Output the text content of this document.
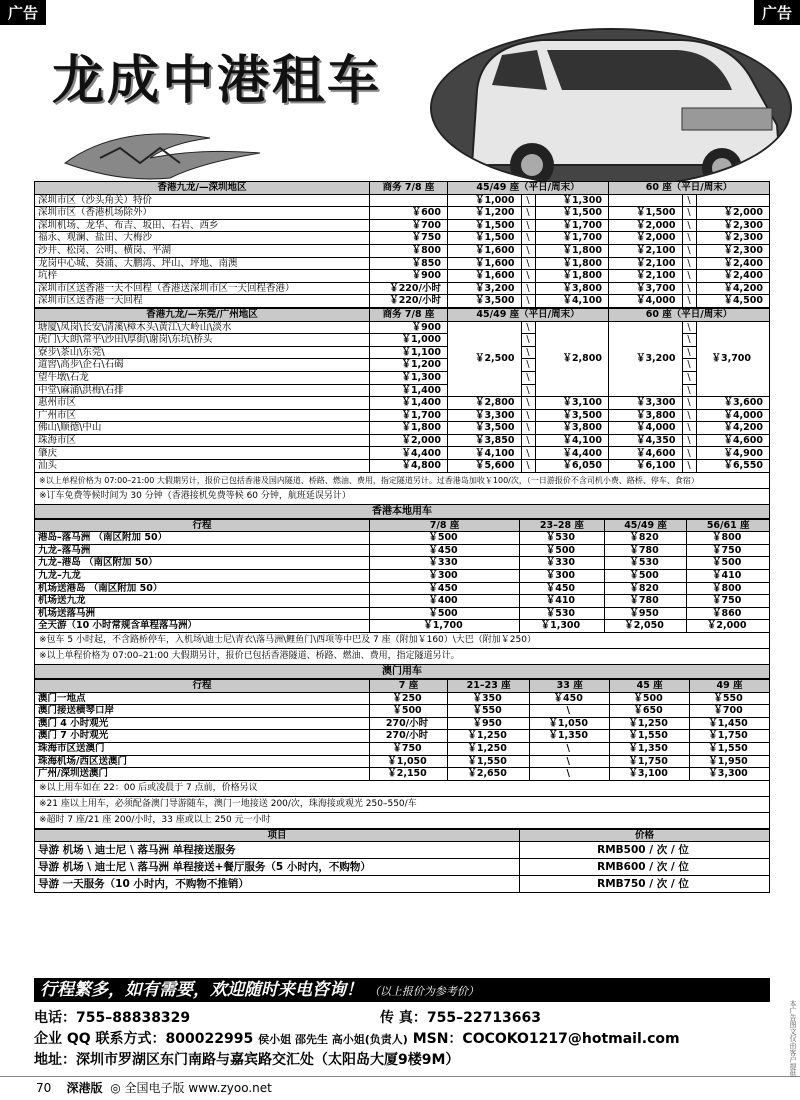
广告	广告
龙成中港租车
香港九龙/—深圳地区	商务 7/8 座	45/49 座（平日/周末）			60 座（平日/周末）		
深圳市区（沙头角关）特价		￥1,000	\	￥1,300		\	
深圳市区（香港机场除外）	￥600	￥1,200	\	￥1,500	￥1,500	\	￥2,000
深圳机场、龙华、布吉、坂田、石岩、西乡	￥700	￥1,500	\	￥1,700	￥2,000	\	￥2,300
福永、观澜、盐田、大梅沙	￥750	￥1,500	\	￥1,700	￥2,000	\	￥2,300
沙井、松岗、公明、横岗、平湖	￥800	￥1,600	\	￥1,800	￥2,100	\	￥2,300
龙岗中心城、葵涌、大鹏湾、坪山、坪地、南澳	￥850	￥1,600	\	￥1,800	￥2,100	\	￥2,400
坑梓	￥900	￥1,600	\	￥1,800	￥2,100	\	￥2,400
深圳市区送香港一天不回程（香港送深圳市区一天回程香港）	￥220/小时	￥3,200	\	￥3,800	￥3,700	\	￥4,200
深圳市区送香港一天回程	￥220/小时	￥3,500	\	￥4,100	￥4,000	\	￥4,500
香港九龙/—东莞/广州地区	商务 7/8 座	45/49 座（平日/周末）			60 座（平日/周末）		
塘厦\凤岗\长安\清溪\樟木头\黄江\大岭山\淡水	￥900	￥2,500	\	￥2,800	￥3,200	\	￥3,700
虎门\大朗\常平\沙田\厚街\谢岗\东坑\桥头	￥1,000		\			\	
寮步\茶山\东莞\	￥1,100		\			\	
道窖\高步\企石\石碣	￥1,200		\			\	
望牛墩\石龙	￥1,300		\			\	
中堂\麻涌\洪梅\石排	￥1,400		\			\	
惠州市区	￥1,400	￥2,800	\	￥3,100	￥3,300	\	￥3,600
广州市区	￥1,700	￥3,300	\	￥3,500	￥3,800	\	￥4,000
佛山\顺德\中山	￥1,800	￥3,500	\	￥3,800	￥4,000	\	￥4,200
珠海市区	￥2,000	￥3,850	\	￥4,100	￥4,350	\	￥4,600
肇庆	￥4,400	￥4,100	\	￥4,400	￥4,600	\	￥4,900
汕头	￥4,800	￥5,600	\	￥6,050	￥6,100	\	￥6,550
※以上单程价格为 07:00–21:00 大假期另计，报价已包括香港及国内隧道、桥路、燃油、费用，指定隧道另计。过香港岛加收￥100/次，（一日游报价不含司机小费、路桥、停车、食宿）
※订车免费等候时间为 30 分钟（香港接机免费等候 60 分钟，航班延误另计）
香港本地用车
行程	7/8 座	23–28 座	45/49 座	56/61 座
港岛–落马洲 （南区附加 50）	￥500	￥530	￥820	￥800
九龙–落马洲	￥450	￥500	￥780	￥750
九龙–港岛 （南区附加 50）	￥330	￥330	￥530	￥500
九龙–九龙	￥300	￥300	￥500	￥410
机场送港岛 （南区附加 50）	￥450	￥450	￥820	￥800
机场送九龙	￥400	￥410	￥780	￥750
机场送落马洲	￥500	￥530	￥950	￥860
全天游（10 小时常规含单程落马洲）	￥1,700	￥1,300	￥2,050	￥2,000
※包车 5 小时起，不含路桥停车，入机场\迪士尼\青衣\落马洲\鲤鱼门\西项等中巴及 7 座（附加￥160）\大巴（附加￥250）
※以上单程价格为 07:00–21:00 大假期另计，报价已包括香港隧道、桥路、燃油、费用，指定隧道另计。
澳门用车
行程	7 座	21–23 座	33 座	45 座	49 座
澳门一地点	￥250	￥350	￥450	￥500	￥550
澳门接送横琴口岸	￥500	￥550	\	￥650	￥700
澳门 4 小时观光	270/小时	￥950	￥1,050	￥1,250	￥1,450
澳门 7 小时观光	270/小时	￥1,250	￥1,350	￥1,550	￥1,750
珠海市区送澳门	￥750	￥1,250	\	￥1,350	￥1,550
珠海机场/西区送澳门	￥1,050	￥1,550	\	￥1,750	￥1,950
广州/深圳送澳门	￥2,150	￥2,650	\	￥3,100	￥3,300
※以上用车如在 22：00 后或凌晨于 7 点前，价格另议
※21 座以上用车，必须配备澳门导游随车，澳门一地接送 200/次，珠海接或观光 250–550/车
※超时 7 座/21 座 200/小时，33 座或以上 250 元一小时
项目	价格
导游 机场 \ 迪士尼 \ 落马洲 单程接送服务	RMB500 / 次 / 位
导游 机场 \ 迪士尼 \ 落马洲 单程接送+餐厅服务（5 小时内，不购物）	RMB600 / 次 / 位
导游 一天服务（10 小时内，不购物不推销）	RMB750 / 次 / 位
行程繁多，如有需要，欢迎随时来电咨询！ （以上报价为参考价）
电话：755–88838329	传 真：755–22713663
企业 QQ 联系方式：800022995 侯小姐 邵先生 高小姐(负责人) MSN：COCOKO1217@hotmail.com
地址：深圳市罗湖区东门南路与嘉宾路交汇处（太阳岛大厦9楼9M）
70 深港版 ◎ 全国电子版 www.zyoo.net
本广告图文仅由客户提供
